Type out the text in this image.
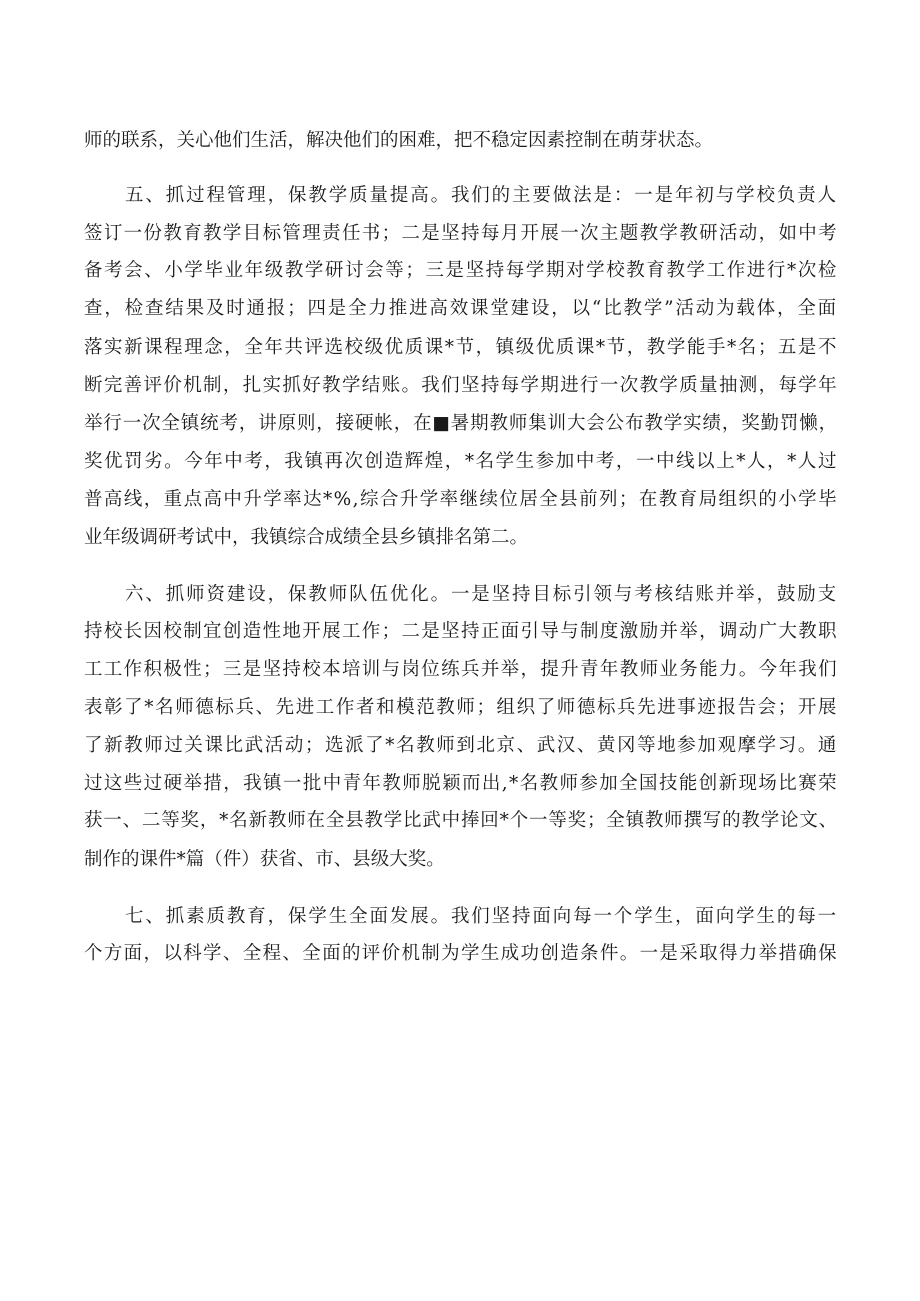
师的联系，关心他们生活，解决他们的困难，把不稳定因素控制在萌芽状态。
五、抓过程管理，保教学质量提高。我们的主要做法是：一是年初与学校负责人
签订一份教育教学目标管理责任书；二是坚持每月开展一次主题教学教研活动，如中考
备考会、小学毕业年级教学研讨会等；三是坚持每学期对学校教育教学工作进行*次检
查，检查结果及时通报；四是全力推进高效课堂建设，以“比教学”活动为载体，全面
落实新课程理念，全年共评选校级优质课*节，镇级优质课*节，教学能手*名；五是不
断完善评价机制，扎实抓好教学结账。我们坚持每学期进行一次教学质量抽测，每学年
举行一次全镇统考，讲原则，接硬帐，在■暑期教师集训大会公布教学实绩，奖勤罚懒，
奖优罚劣。今年中考，我镇再次创造辉煌，*名学生参加中考，一中线以上*人，*人过
普高线，重点高中升学率达*%,综合升学率继续位居全县前列；在教育局组织的小学毕
业年级调研考试中，我镇综合成绩全县乡镇排名第二。
六、抓师资建设，保教师队伍优化。一是坚持目标引领与考核结账并举，鼓励支
持校长因校制宜创造性地开展工作；二是坚持正面引导与制度激励并举，调动广大教职
工工作积极性；三是坚持校本培训与岗位练兵并举，提升青年教师业务能力。今年我们
表彰了*名师德标兵、先进工作者和模范教师；组织了师德标兵先进事迹报告会；开展
了新教师过关课比武活动；选派了*名教师到北京、武汉、黄冈等地参加观摩学习。通
过这些过硬举措，我镇一批中青年教师脱颖而出,*名教师参加全国技能创新现场比赛荣
获一、二等奖，*名新教师在全县教学比武中捧回*个一等奖；全镇教师撰写的教学论文、
制作的课件*篇（件）获省、市、县级大奖。
七、抓素质教育，保学生全面发展。我们坚持面向每一个学生，面向学生的每一
个方面，以科学、全程、全面的评价机制为学生成功创造条件。一是采取得力举措确保
